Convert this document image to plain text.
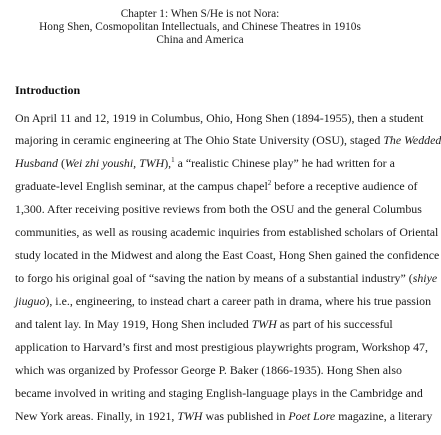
Chapter 1: When S/He is not Nora:
Hong Shen, Cosmopolitan Intellectuals, and Chinese Theatres in 1910s
China and America
Introduction
On April 11 and 12, 1919 in Columbus, Ohio, Hong Shen (1894-1955), then a student
majoring in ceramic engineering at The Ohio State University (OSU), staged The Wedded
Husband (Wei zhi youshi, TWH),$^1$ a “realistic Chinese play” he had written for a
graduate-level English seminar, at the campus chapel$^2$ before a receptive audience of
1,300. After receiving positive reviews from both the OSU and the general Columbus
communities, as well as rousing academic inquiries from established scholars of Oriental
study located in the Midwest and along the East Coast, Hong Shen gained the confidence
to forgo his original goal of “saving the nation by means of a substantial industry” (shiye
jiuguo), i.e., engineering, to instead chart a career path in drama, where his true passion
and talent lay. In May 1919, Hong Shen included TWH as part of his successful
application to Harvard’s first and most prestigious playwrights program, Workshop 47,
which was organized by Professor George P. Baker (1866-1935). Hong Shen also
became involved in writing and staging English-language plays in the Cambridge and
New York areas. Finally, in 1921, TWH was published in Poet Lore magazine, a literary
